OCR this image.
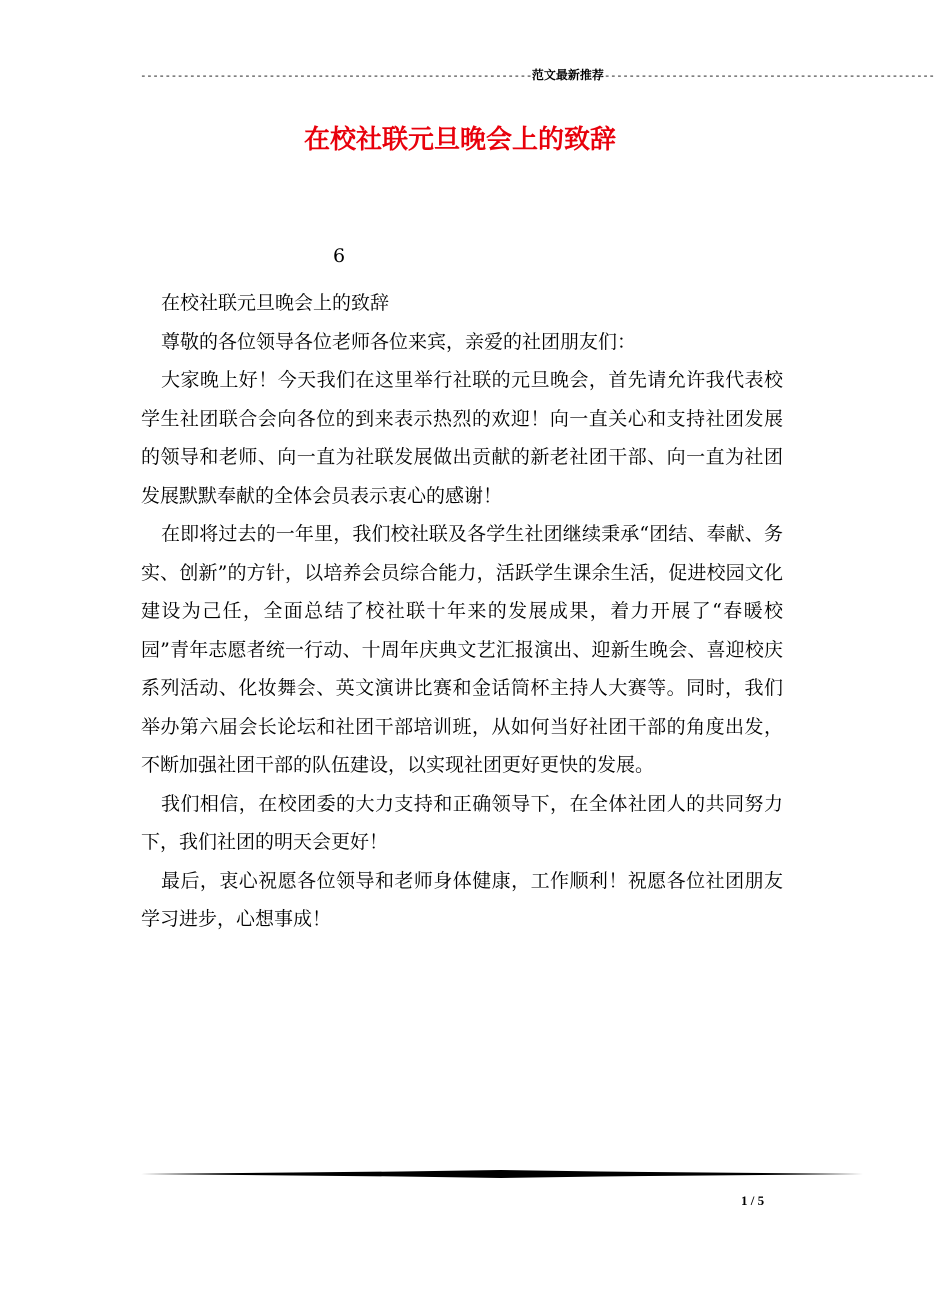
----------------------------------------------------------------范文最新推荐------------------------------------------------------
在校社联元旦晚会上的致辞
6

在校社联元旦晚会上的致辞

尊敬的各位领导各位老师各位来宾，亲爱的社团朋友们：

大家晚上好！今天我们在这里举行社联的元旦晚会，首先请允许我代表校学生社团联合会向各位的到来表示热烈的欢迎！向一直关心和支持社团发展的领导和老师、向一直为社联发展做出贡献的新老社团干部、向一直为社团发展默默奉献的全体会员表示衷心的感谢！

在即将过去的一年里，我们校社联及各学生社团继续秉承“团结、奉献、务实、创新”的方针，以培养会员综合能力，活跃学生课余生活，促进校园文化建设为己任，全面总结了校社联十年来的发展成果，着力开展了“春暖校园”青年志愿者统一行动、十周年庆典文艺汇报演出、迎新生晚会、喜迎校庆系列活动、化妆舞会、英文演讲比赛和金话筒杯主持人大赛等。同时，我们举办第六届会长论坛和社团干部培训班，从如何当好社团干部的角度出发，不断加强社团干部的队伍建设，以实现社团更好更快的发展。

我们相信，在校团委的大力支持和正确领导下，在全体社团人的共同努力下，我们社团的明天会更好！

最后，衷心祝愿各位领导和老师身体健康，工作顺利！祝愿各位社团朋友学习进步，心想事成！

1 / 5
